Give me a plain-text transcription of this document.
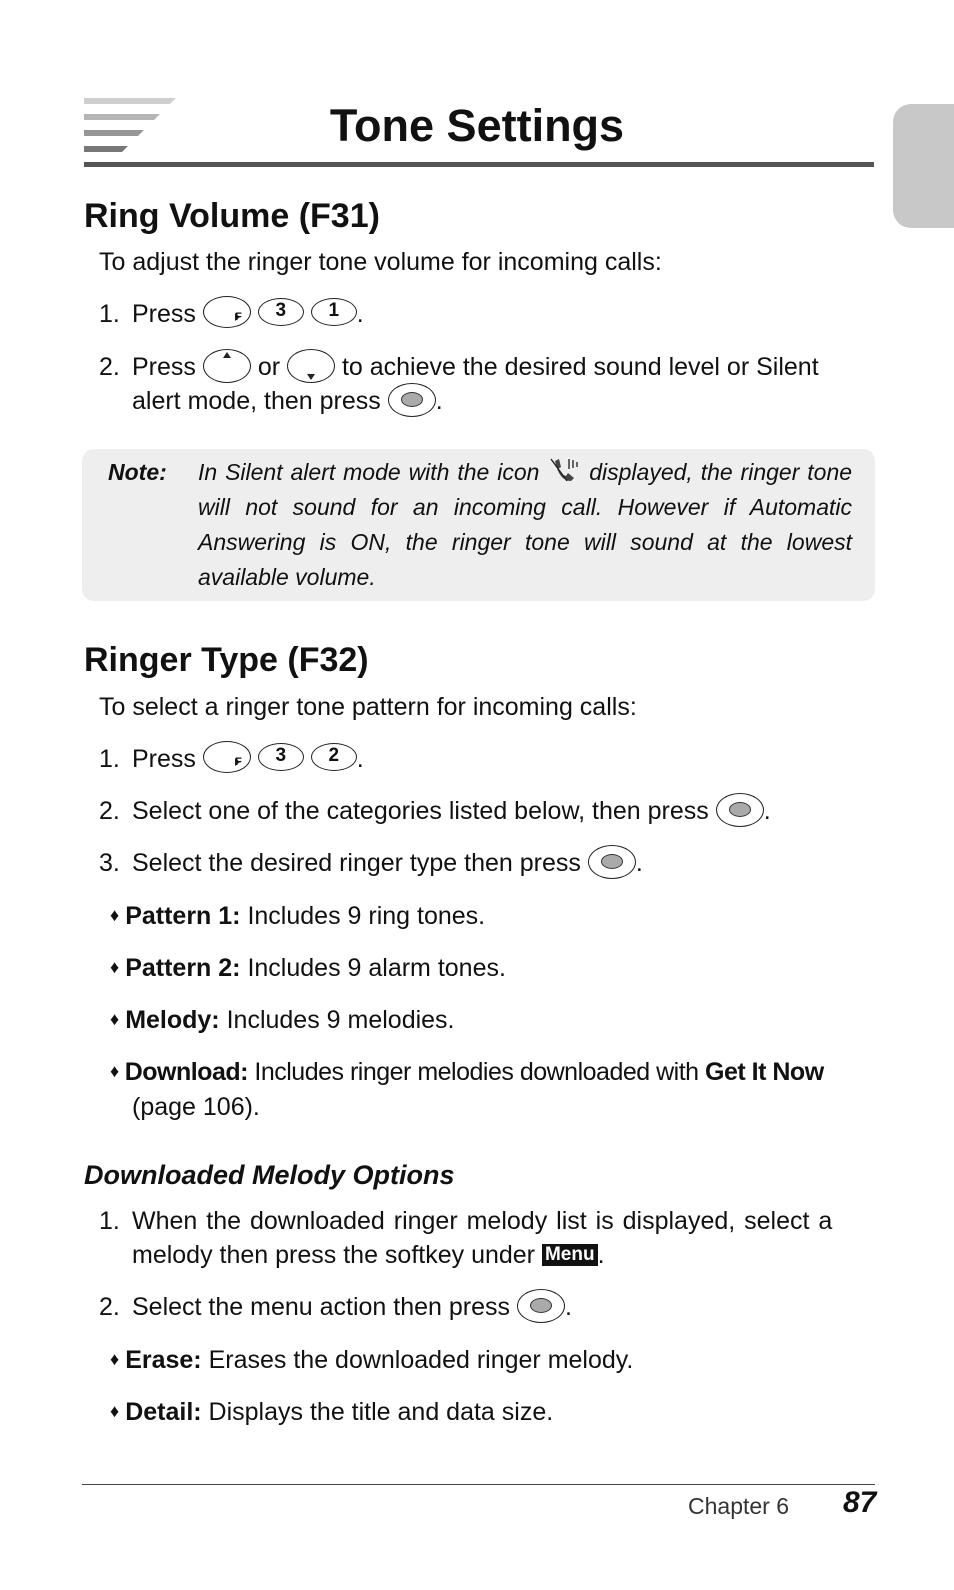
Tone Settings
Ring Volume (F31)
To adjust the ringer tone volume for incoming calls:
1. Press F	3 1 .
2. Press or to achieve the desired sound level or Silent
alert mode, then press .
Note: In Silent alert mode with the icon displayed, the ringer tone will not sound for an incoming call. However if Automatic Answering is ON, the ringer tone will sound at the lowest available volume.
Ringer Type (F32)
To select a ringer tone pattern for incoming calls:
1. Press F	3 2 .
2. Select one of the categories listed below, then press .
3. Select the desired ringer type then press .
♦ Pattern 1: Includes 9 ring tones.
♦ Pattern 2: Includes 9 alarm tones.
♦ Melody: Includes 9 melodies.
♦ Download: Includes ringer melodies downloaded with Get It Now
(page 106).
Downloaded Melody Options
1. When the downloaded ringer melody list is displayed, select a
melody then press the softkey under Menu .
2. Select the menu action then press .
♦ Erase: Erases the downloaded ringer melody.
♦ Detail: Displays the title and data size.
Chapter 6 87
